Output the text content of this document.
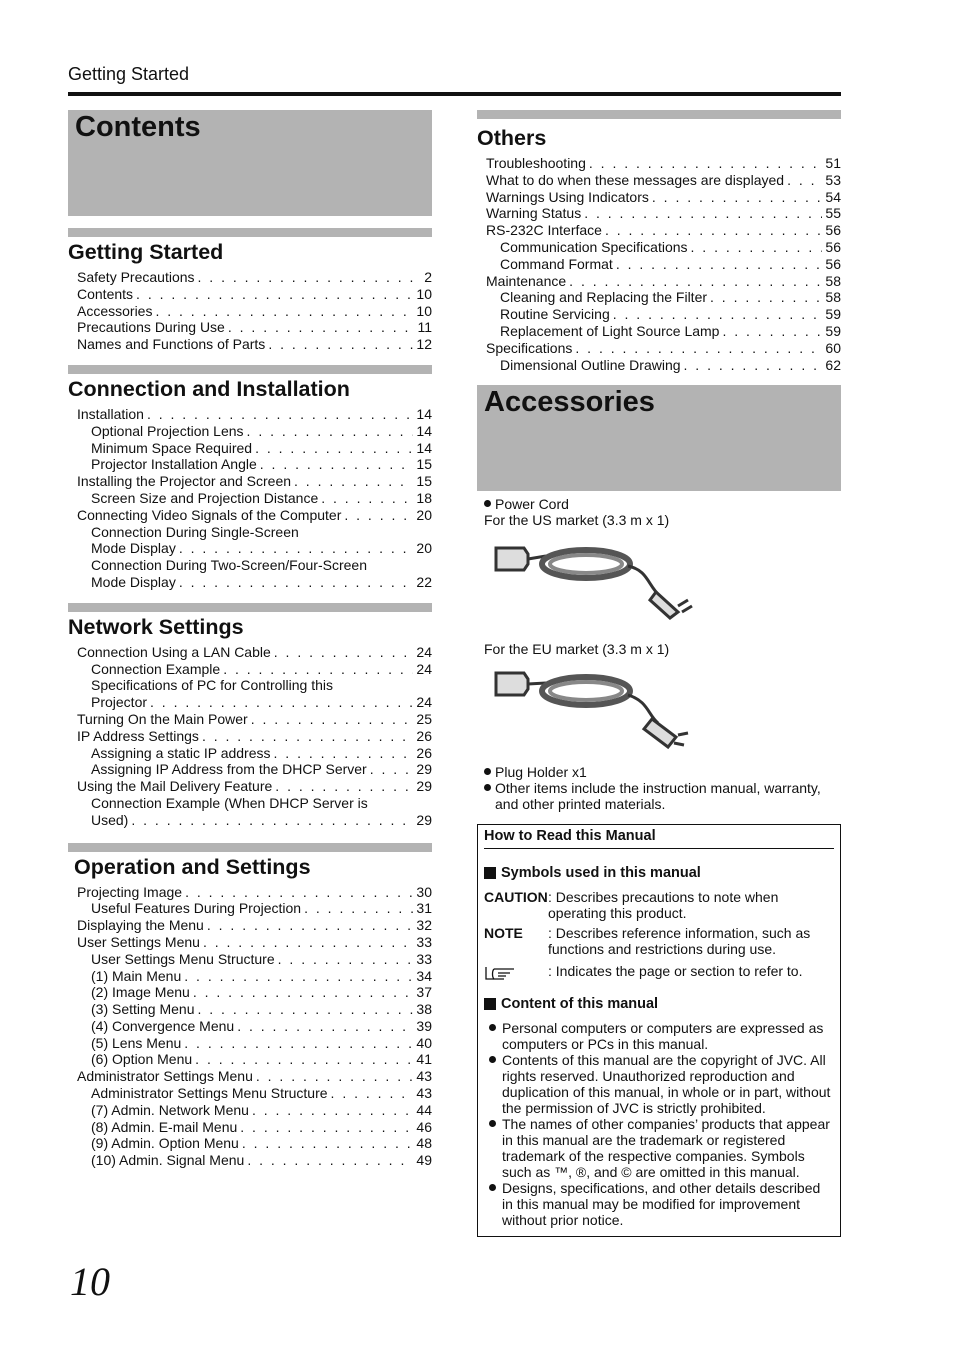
Getting Started
Contents
Getting Started
Safety Precautions . . .	2
Contents . . .	10
Accessories . . .	10
Precautions During Use . . .	11
Names and Functions of Parts . . .	12
Connection and Installation
Installation . . .	14
Optional Projection Lens . . .	14
Minimum Space Required . . .	14
Projector Installation Angle . . .	15
Installing the Projector and Screen . . .	15
Screen Size and Projection Distance . . .	18
Connecting Video Signals of the Computer . . .	20
Connection During Single-Screen
Mode Display . . .	20
Connection During Two-Screen/Four-Screen
Mode Display . . .	22
Network Settings
Connection Using a LAN Cable . . .	24
Connection Example . . .	24
Specifications of PC for Controlling this
Projector . . .	24
Turning On the Main Power . . .	25
IP Address Settings . . .	26
Assigning a static IP address . . .	26
Assigning IP Address from the DHCP Server . . .	29
Using the Mail Delivery Feature . . .	29
Connection Example (When DHCP Server is
Used) . . .	29
Operation and Settings
Projecting Image . . .	30
Useful Features During Projection . . .	31
Displaying the Menu . . .	32
User Settings Menu . . .	33
User Settings Menu Structure . . .	33
(1) Main Menu . . .	34
(2) Image Menu . . .	37
(3) Setting Menu . . .	38
(4) Convergence Menu . . .	39
(5) Lens Menu . . .	40
(6) Option Menu . . .	41
Administrator Settings Menu . . .	43
Administrator Settings Menu Structure . . .	43
(7) Admin. Network Menu . . .	44
(8) Admin. E-mail Menu . . .	46
(9) Admin. Option Menu . . .	48
(10) Admin. Signal Menu . . .	49
Others
Troubleshooting . . .	51
What to do when these messages are displayed . . .	53
Warnings Using Indicators . . .	54
Warning Status . . .	55
RS-232C Interface . . .	56
Communication Specifications . . .	56
Command Format . . .	56
Maintenance . . .	58
Cleaning and Replacing the Filter . . .	58
Routine Servicing . . .	59
Replacement of Light Source Lamp . . .	59
Specifications . . .	60
Dimensional Outline Drawing . . .	62
Accessories
Power Cord
For the US market (3.3 m x 1)
For the EU market (3.3 m x 1)
Plug Holder x1
Other items include the instruction manual, warranty, and other printed materials.
How to Read this Manual
Symbols used in this manual
CAUTION : Describes precautions to note when operating this product.
NOTE	: Describes reference information, such as functions and restrictions during use.
: Indicates the page or section to refer to.
Content of this manual
Personal computers or computers are expressed as computers or PCs in this manual.
Contents of this manual are the copyright of JVC. All rights reserved. Unauthorized reproduction and duplication of this manual, in whole or in part, without the permission of JVC is strictly prohibited.
The names of other companies’ products that appear in this manual are the trademark or registered trademark of the respective companies. Symbols such as ™, ®, and © are omitted in this manual.
Designs, specifications, and other details described in this manual may be modified for improvement without prior notice.
10
